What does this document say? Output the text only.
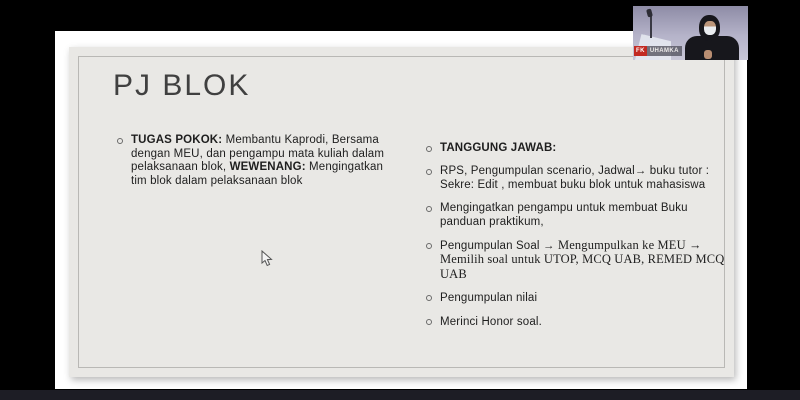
PJ BLOK
TUGAS POKOK: Membantu Kaprodi, Bersama dengan MEU, dan pengampu mata kuliah dalam pelaksanaan blok, WEWENANG: Mengingatkan tim blok dalam pelaksanaan blok
TANGGUNG JAWAB:
RPS, Pengumpulan scenario, Jadwal→ buku tutor : Sekre: Edit , membuat buku blok untuk mahasiswa
Mengingatkan pengampu untuk membuat Buku panduan praktikum,
Pengumpulan Soal → Mengumpulkan ke MEU → Memilih soal untuk UTOP, MCQ UAB, REMED MCQ UAB
Pengumpulan nilai
Merinci Honor soal.
FK UHAMKA
